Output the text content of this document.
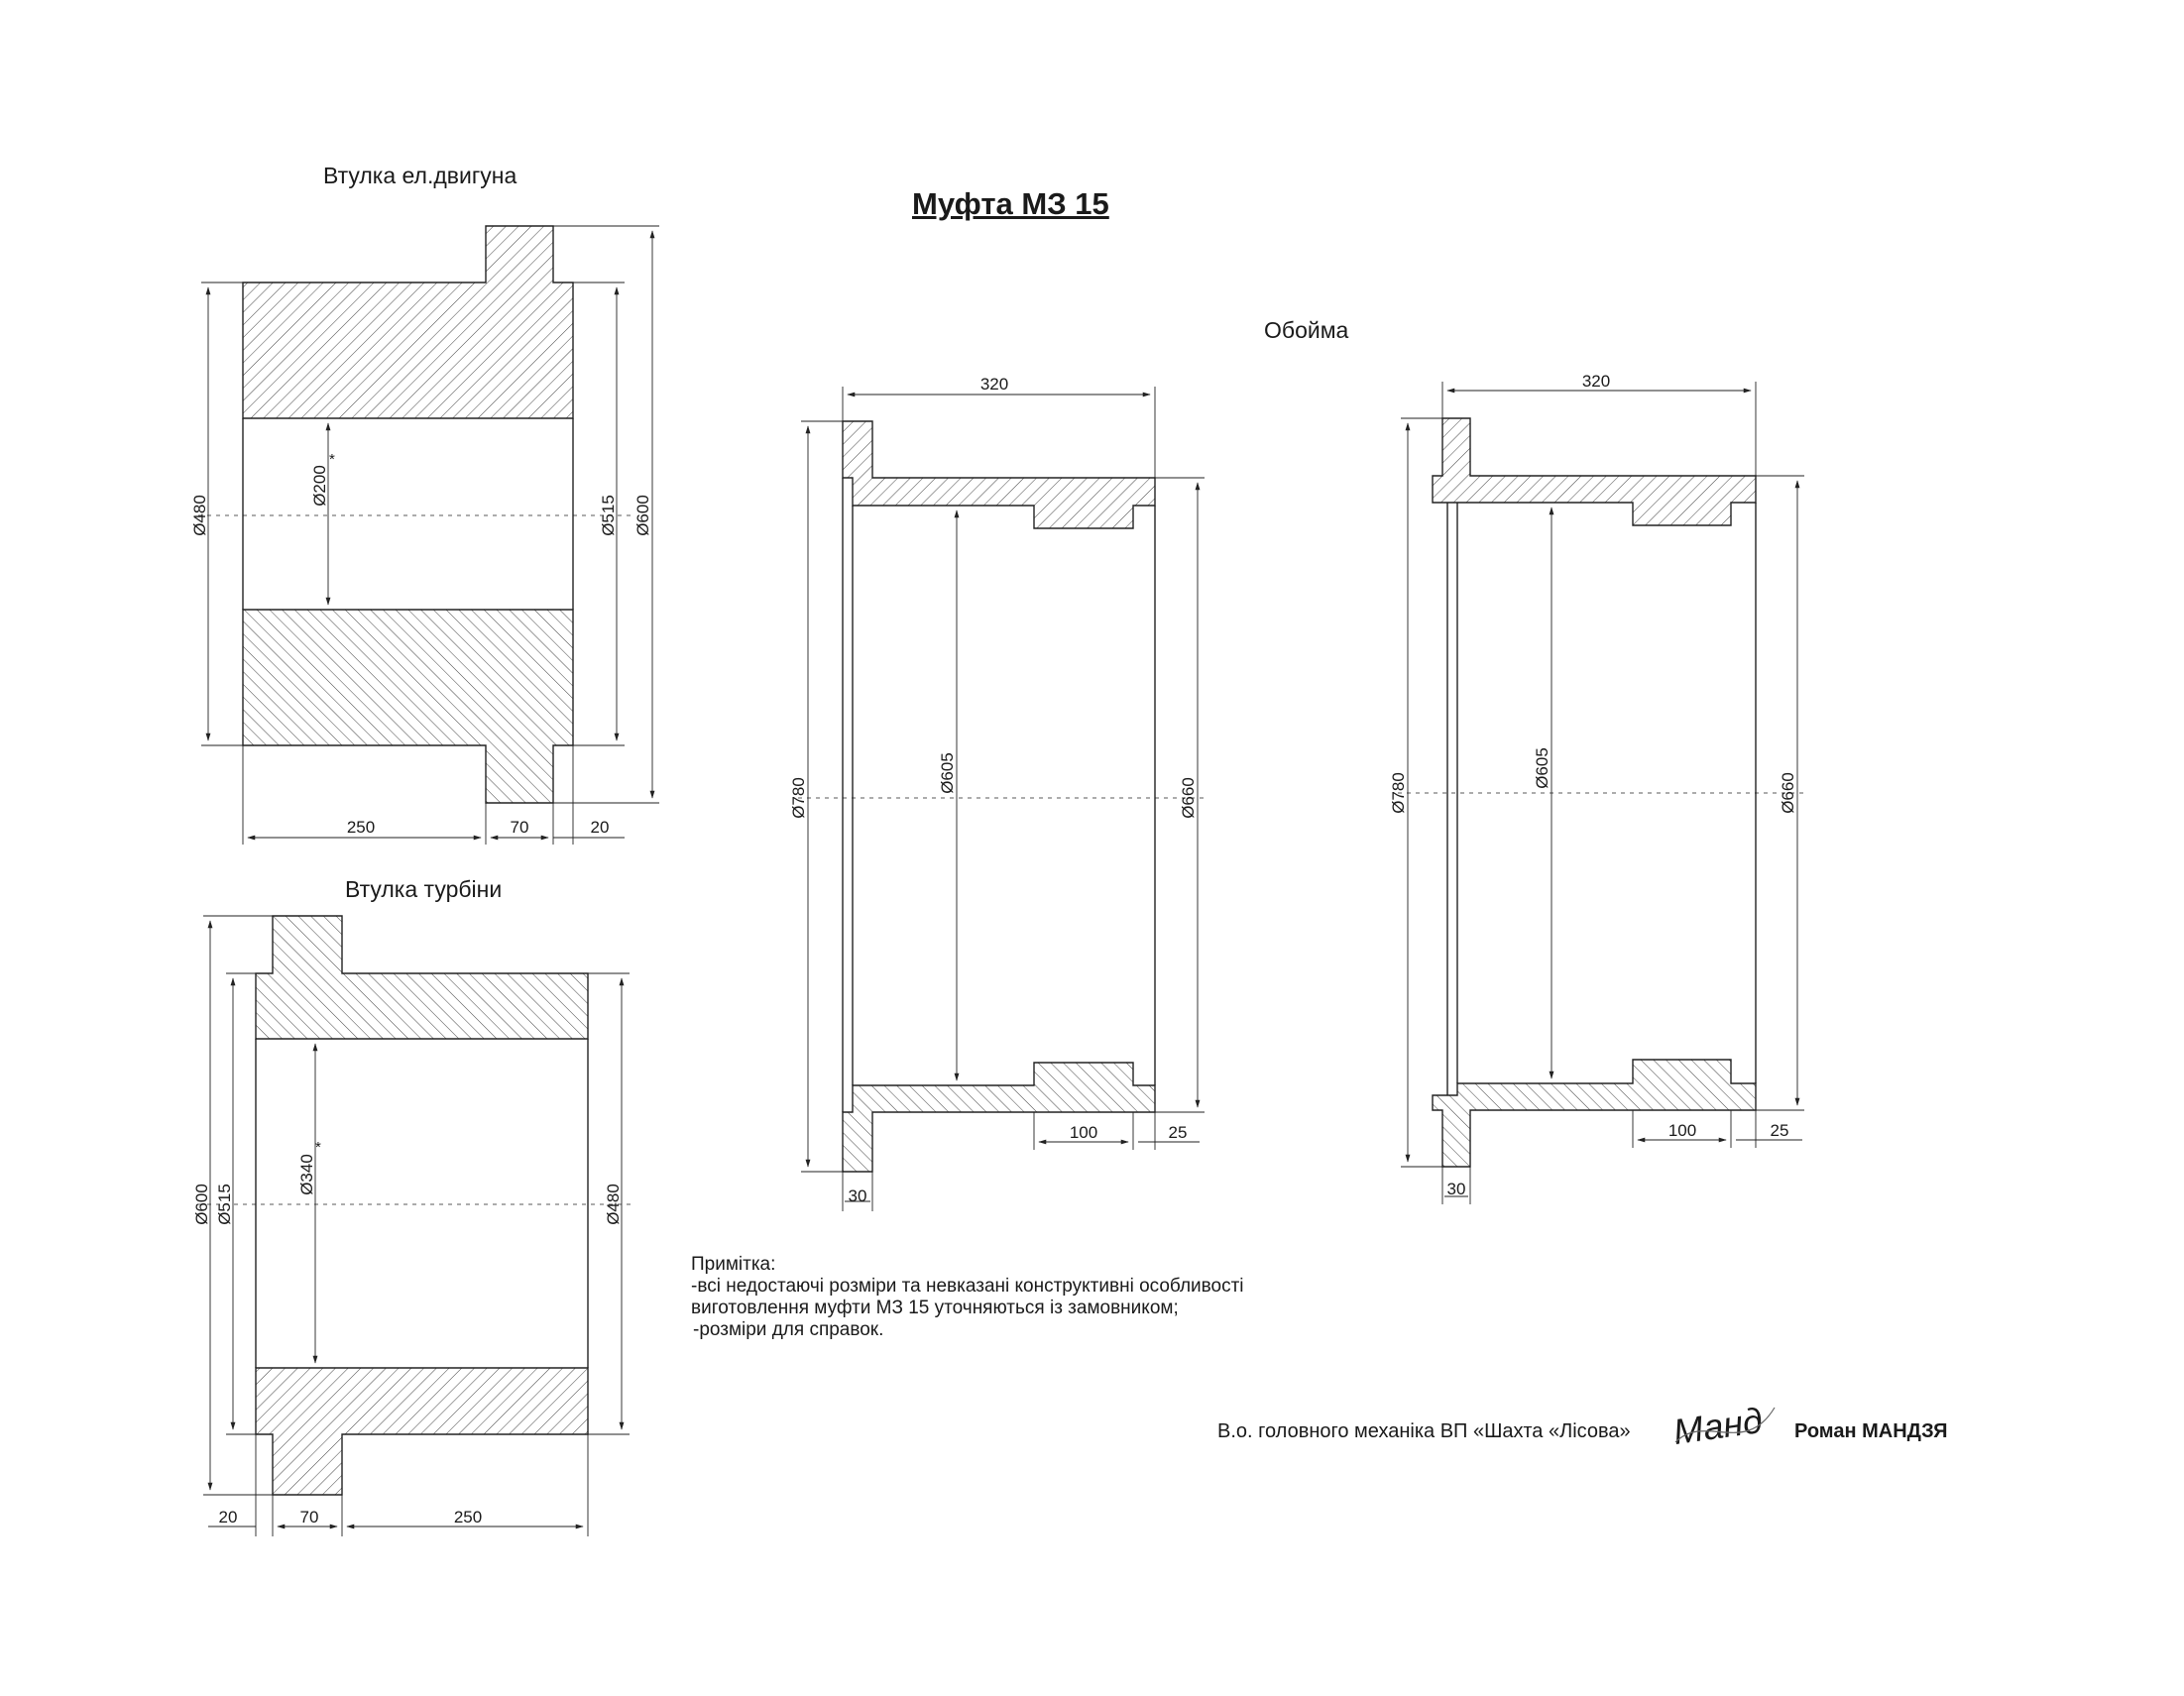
Муфта МЗ 15
Втулка ел.двигуна
Втулка турбіни
Обойма
Ø480
Ø200
*
Ø515 Ø600
250	70	20
Ø600 Ø515
Ø340
*
Ø480
20	70	250
320
Ø780
Ø605
Ø660
100	25
30
320
Ø780
Ø605
Ø660
100	25
30
Манд
Примітка:
-всі недостаючі розміри та невказані конструктивні особливості
виготовлення муфти МЗ 15 уточняються із замовником;
-розміри для справок.
В.о. головного механіка ВП «Шахта «Лісова»	Роман МАНДЗЯ
